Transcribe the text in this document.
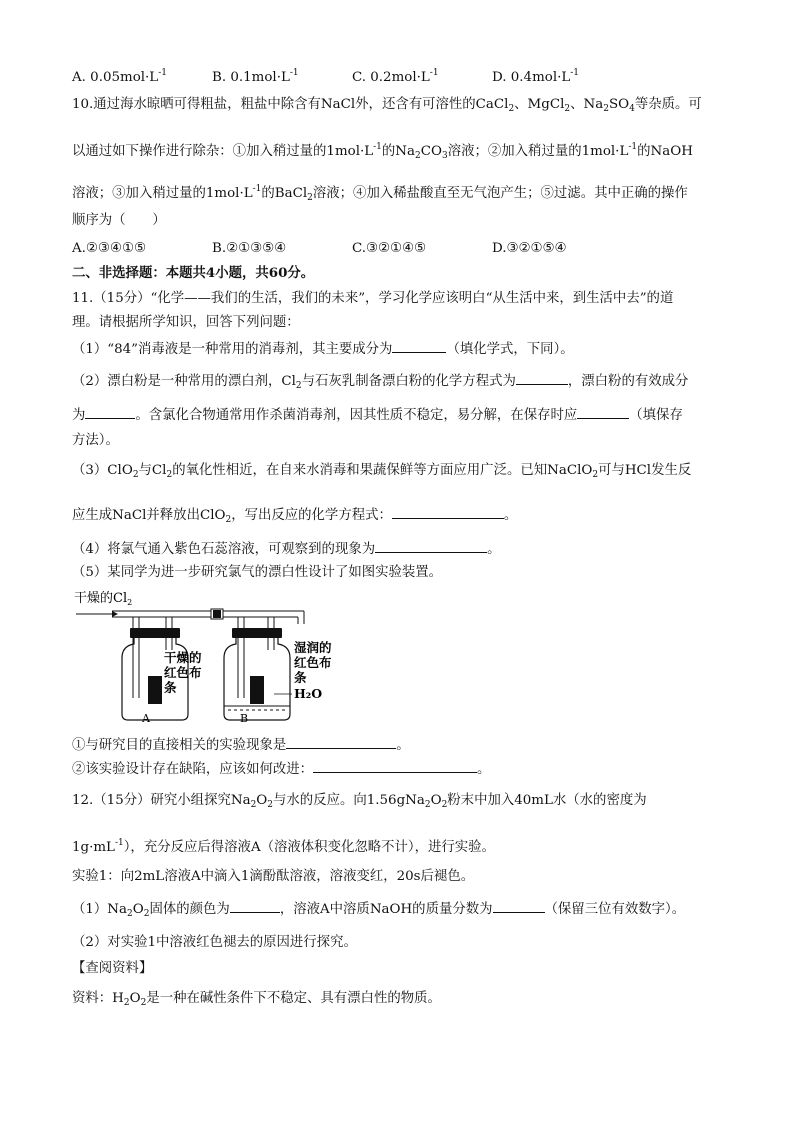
A. $0.05mol\cdot L^{-1}$	B. $0.1mol\cdot L^{-1}$	C. $0.2mol\cdot L^{-1}$	D. $0.4mol\cdot L^{-1}$
10.通过海水晾晒可得粗盐，粗盐中除含有NaCl外，还含有可溶性的CaCl$_2$、MgCl$_2$、$Na_2SO_4$等杂质。可
以通过如下操作进行除杂：①加入稍过量的$1mol\cdot L^{-1}$的$Na_2CO_3$溶液；②加入稍过量的$1mol\cdot L^{-1}$的NaOH
溶液；③加入稍过量的$1mol\cdot L^{-1}$的BaCl$_2$溶液；④加入稀盐酸直至无气泡产生；⑤过滤。其中正确的操作
顺序为（　　）
A.②③④①⑤	B.②①③⑤④	C.③②①④⑤	D.③②①⑤④
二、非选择题：本题共4小题，共60分。
11.（15分）“化学——我们的生活，我们的未来”，学习化学应该明白“从生活中来，到生活中去”的道
理。请根据所学知识，回答下列问题：
（1）“84”消毒液是一种常用的消毒剂，其主要成分为	（填化学式，下同）。
（2）漂白粉是一种常用的漂白剂，$Cl_2$与石灰乳制备漂白粉的化学方程式为	，漂白粉的有效成分
为	。含氯化合物通常用作杀菌消毒剂，因其性质不稳定，易分解，在保存时应	（填保存
方法）。
（3）ClO$_2$与$Cl_2$的氧化性相近，在自来水消毒和果蔬保鲜等方面应用广泛。已知NaClO$_2$可与HCl发生反
应生成NaCl并释放出ClO$_2$，写出反应的化学方程式：	。
（4）将氯气通入紫色石蕊溶液，可观察到的现象为	。
（5）某同学为进一步研究氯气的漂白性设计了如图实验装置。
干燥的$Cl_2$
干燥的
红色布
条
湿润的
红色布
条
H₂O
A	B
①与研究目的直接相关的实验现象是	。
②该实验设计存在缺陷，应该如何改进：	。
12.（15分）研究小组探究$Na_2O_2$与水的反应。向$1.56gNa_2O_2$粉末中加入40mL水（水的密度为
$1g\cdot mL^{-1}$），充分反应后得溶液A（溶液体积变化忽略不计），进行实验。
实验1：向2mL溶液A中滴入1滴酚酞溶液，溶液变红，20s后褪色。
$(1)Na_2O_2$固体的颜色为	，溶液A中溶质NaOH的质量分数为	（保留三位有效数字）。
（2）对实验1中溶液红色褪去的原因进行探究。
【查阅资料】
资料：$H_2O_2$是一种在碱性条件下不稳定、具有漂白性的物质。
